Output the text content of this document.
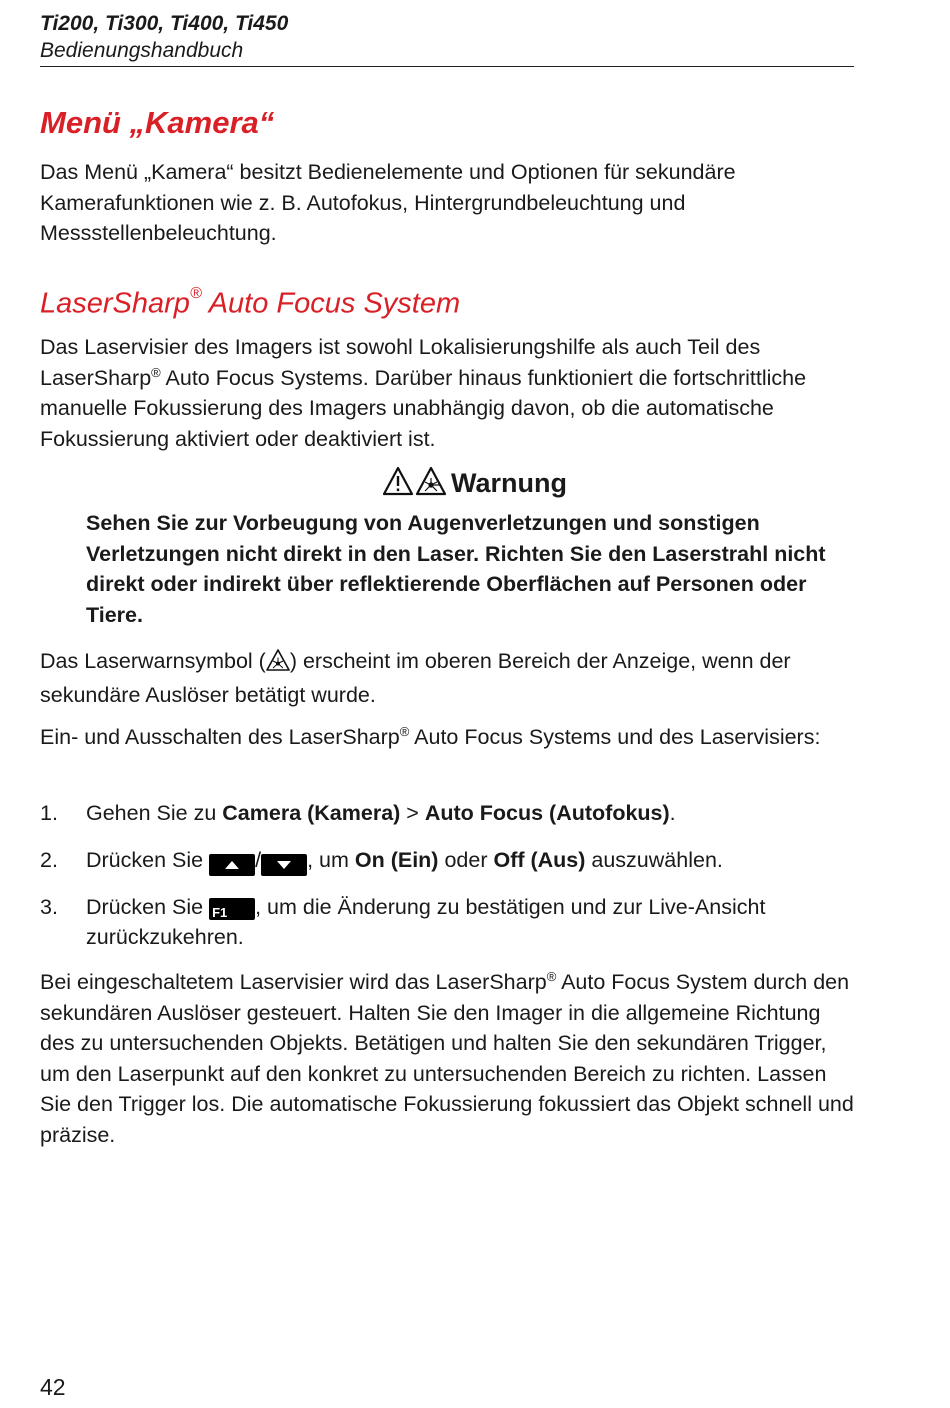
Ti200, Ti300, Ti400, Ti450
Bedienungshandbuch
Menü „Kamera“

Das Menü „Kamera“ besitzt Bedienelemente und Optionen für sekundäre Kamerafunktionen wie z. B. Autofokus, Hintergrundbeleuchtung und Messstellenbeleuchtung.

LaserSharp® Auto Focus System

Das Laservisier des Imagers ist sowohl Lokalisierungshilfe als auch Teil des LaserSharp® Auto Focus Systems. Darüber hinaus funktioniert die fortschrittliche manuelle Fokussierung des Imagers unabhängig davon, ob die automatische Fokussierung aktiviert oder deaktiviert ist.

Warnung

Sehen Sie zur Vorbeugung von Augenverletzungen und sonstigen Verletzungen nicht direkt in den Laser. Richten Sie den Laserstrahl nicht direkt oder indirekt über reflektierende Oberflächen auf Personen oder Tiere.

Das Laserwarnsymbol ( ) erscheint im oberen Bereich der Anzeige, wenn der sekundäre Auslöser betätigt wurde.

Ein- und Ausschalten des LaserSharp® Auto Focus Systems und des Laservisiers:

1. Gehen Sie zu Camera (Kamera) > Auto Focus (Autofokus).
2. Drücken Sie
/ , um On (Ein) oder Off (Aus) auszuwählen.
3. Drücken Sie F1 , um die Änderung zu bestätigen und zur Live-Ansicht zurückzukehren.

Bei eingeschaltetem Laservisier wird das LaserSharp® Auto Focus System durch den sekundären Auslöser gesteuert. Halten Sie den Imager in die allgemeine Richtung des zu untersuchenden Objekts. Betätigen und halten Sie den sekundären Trigger, um den Laserpunkt auf den konkret zu untersuchenden Bereich zu richten. Lassen Sie den Trigger los. Die automatische Fokussierung fokussiert das Objekt schnell und präzise.

42
